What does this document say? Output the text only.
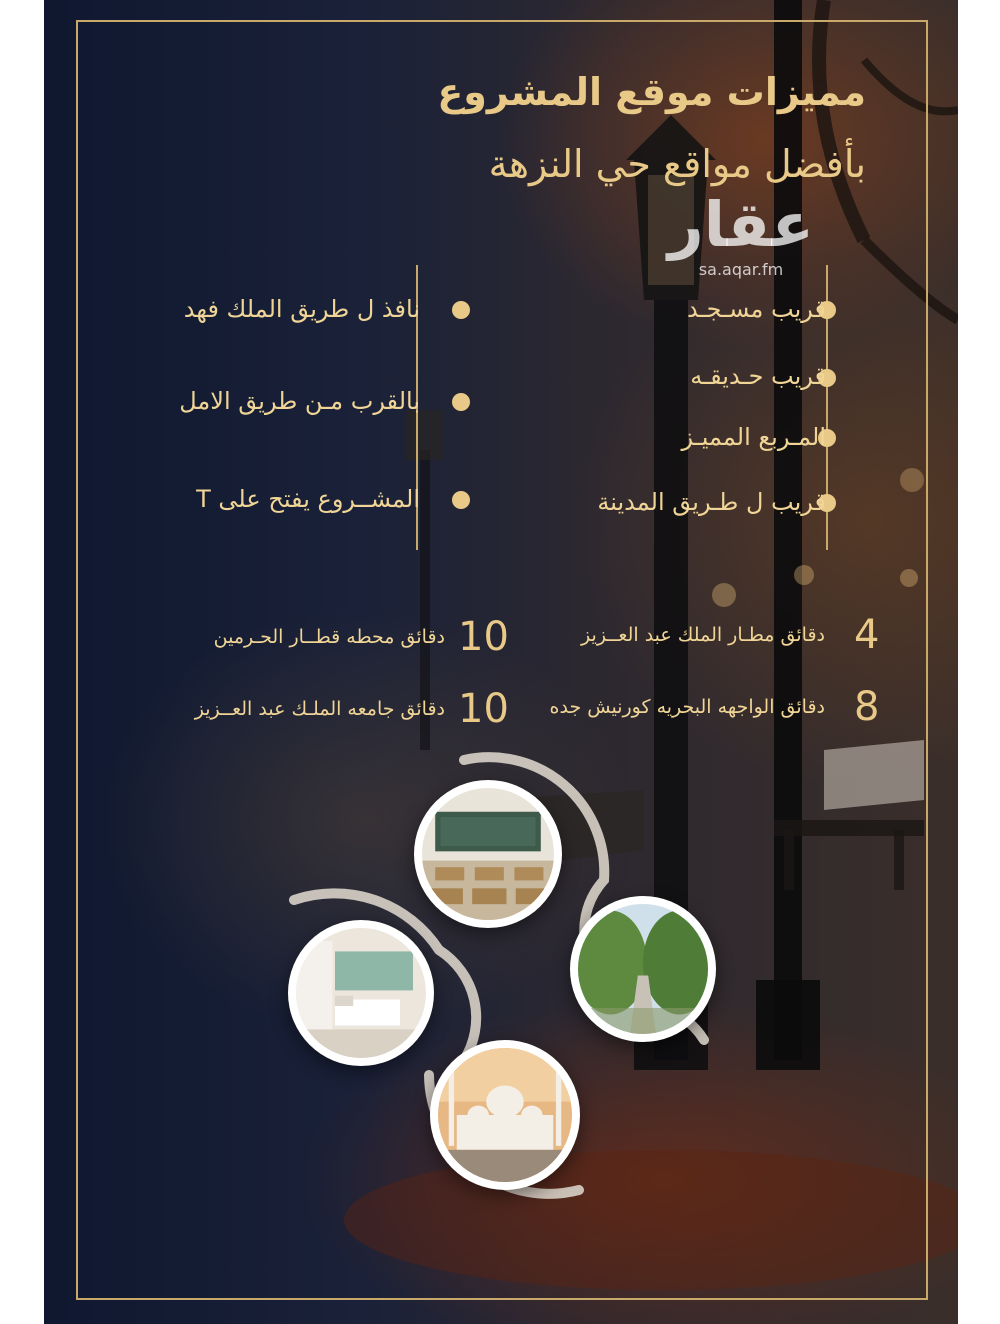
مميزات موقع المشروع
بأفضل مواقع حي النزهة
عقار
sa.aqar.fm
قريب مسـجـد
قريب حـديقـه
المـربع المميـز
قريب ل طـريق المدينة
نافذ ل طريق الملك فهد
بالقرب مـن طريق الامل
المشــروع يفتح على T
4
دقائق مطـار الملك عبد العــزيز
10
دقائق محطه قطــار الحـرمين
8
دقائق الواجهه البحريه كورنيش جده
10
دقائق جامعه الملـك عبد العــزيز
